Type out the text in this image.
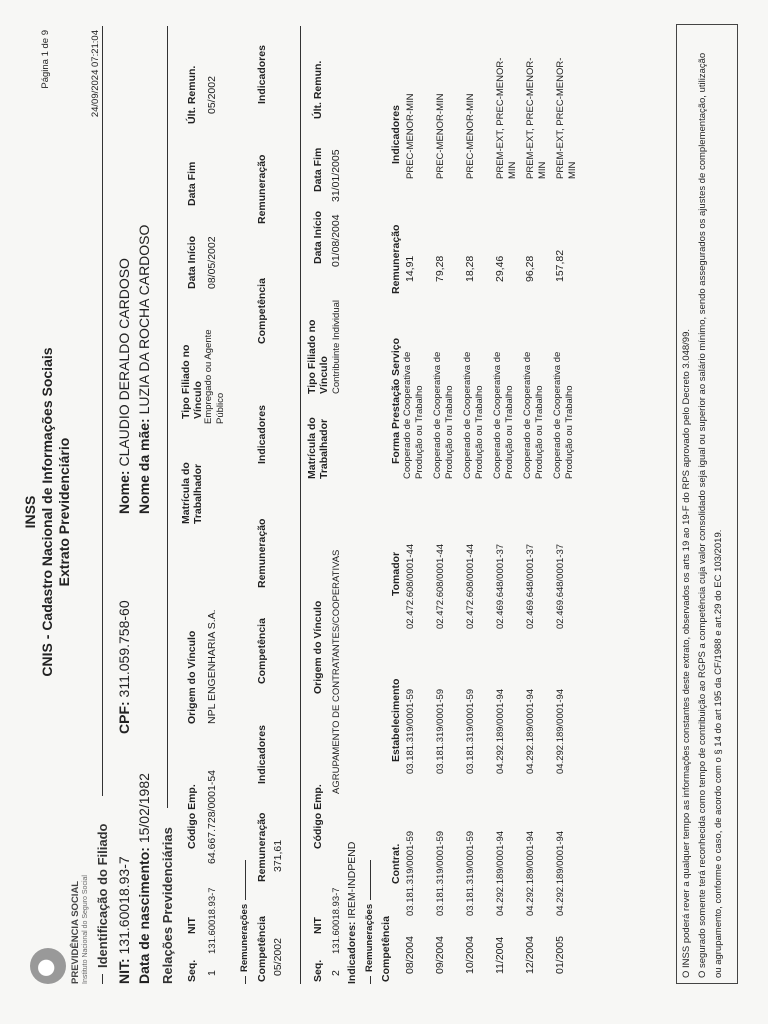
PREVIDÊNCIA SOCIAL Instituto Nacional do Seguro Social
INSS CNIS - Cadastro Nacional de Informações Sociais Extrato Previdenciário
Página 1 de 9	24/09/2024 07:21:04
Identificação do Filiado
NIT: 131.60018.93-7
CPF: 311.059.758-60
Nome: CLAUDIO DERALDO CARDOSO
Data de nascimento: 15/02/1982
Nome da mãe: LUZIA DA ROCHA CARDOSO
Relações Previdenciárias Seq.
NIT
Código Emp.
Origem do Vínculo
Matrícula do Trabalhador
Tipo Filiado no Vínculo
Data Início
Data Fim
Últ. Remun.
1
131.60018.93-7
64.667.728/0001-54
NPL ENGENHARIA S.A.
Empregado ou Agente Público
08/05/2002
05/2002
Remunerações Competência
Remuneração
Indicadores
Competência
Remuneração
Indicadores
Competência
Remuneração
Indicadores
05/2002
371,61
Seq.
NIT
Código Emp.
Origem do Vínculo
Matrícula do Trabalhador
Tipo Filiado no Vínculo
Data Início
Data Fim
Últ. Remun.
2
131.60018.93-7
AGRUPAMENTO DE CONTRATANTES/COOPERATIVAS
Contribuinte Individual
01/08/2004
31/01/2005
Indicadores: IREM-INDPEND
Remunerações Competência
Contrat.
Estabelecimento
Tomador
Forma Prestação Serviço
Remuneração
Indicadores
08/2004
03.181.319/0001-59
03.181.319/0001-59
02.472.608/0001-44
Cooperado de Cooperativa de Produção ou Trabalho
14,91
PREC-MENOR-MIN
09/2004
03.181.319/0001-59
03.181.319/0001-59
02.472.608/0001-44
Cooperado de Cooperativa de Produção ou Trabalho
79,28
PREC-MENOR-MIN
10/2004
03.181.319/0001-59
03.181.319/0001-59
02.472.608/0001-44
Cooperado de Cooperativa de Produção ou Trabalho
18,28
PREC-MENOR-MIN
11/2004
04.292.189/0001-94
04.292.189/0001-94
02.469.648/0001-37
Cooperado de Cooperativa de Produção ou Trabalho
29,46
PREM-EXT, PREC-MENOR-MIN
12/2004
04.292.189/0001-94
04.292.189/0001-94
02.469.648/0001-37
Cooperado de Cooperativa de Produção ou Trabalho
96,28
PREM-EXT, PREC-MENOR-MIN
01/2005
04.292.189/0001-94
04.292.189/0001-94
02.469.648/0001-37
Cooperado de Cooperativa de Produção ou Trabalho
157,82
PREM-EXT, PREC-MENOR-MIN
O INSS poderá rever a qualquer tempo as informações constantes deste extrato, observados os arts 19 ao 19-F do RPS aprovado pelo Decreto 3.048/99. O segurado somente terá reconhecida como tempo de contribuição ao RGPS a competência cuja valor consolidado seja igual ou superior ao salário mínimo, sendo assegurados os ajustes de complementação, utilização ou agrupamento, conforme o caso, de acordo com o § 14 do art 195 da CF/1988 e art.29 do EC 103/2019.
